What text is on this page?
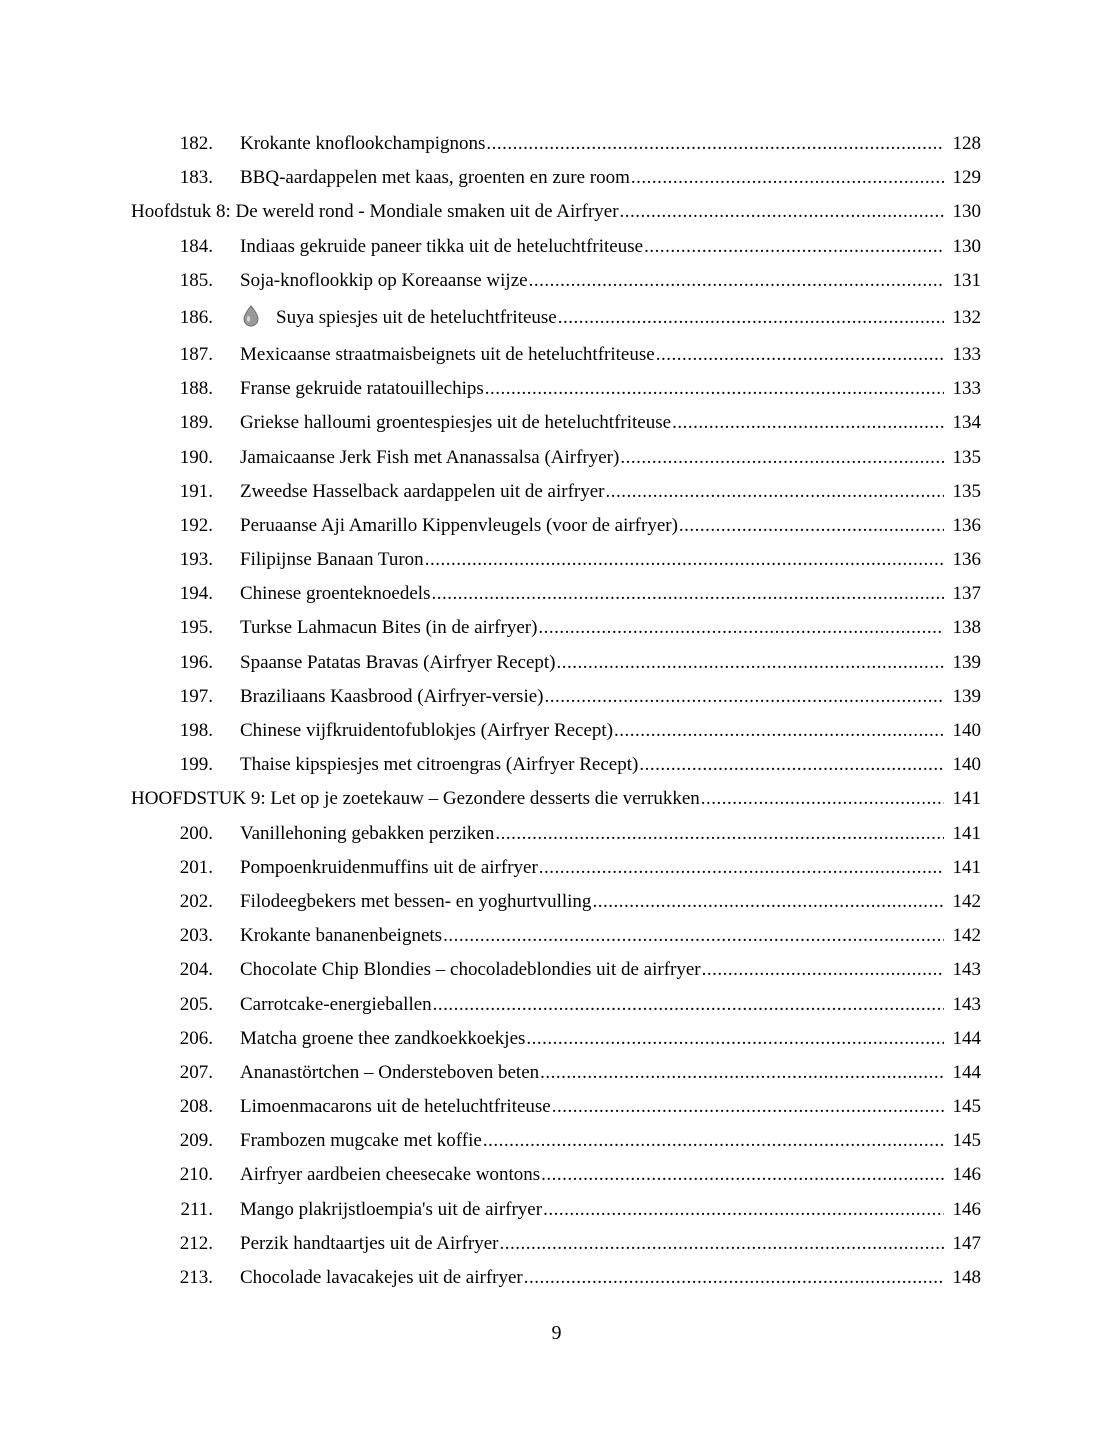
182.	Krokante knoflookchampignons .....	128
183.	BBQ-aardappelen met kaas, groenten en zure room .....	129
Hoofdstuk 8: De wereld rond - Mondiale smaken uit de Airfryer .....	130
184.	Indiaas gekruide paneer tikka uit de heteluchtfriteuse .....	130
185.	Soja-knoflookkip op Koreaanse wijze .....	131
186.	Suya spiesjes uit de heteluchtfriteuse .....	132
187.	Mexicaanse straatmaisbeignets uit de heteluchtfriteuse .....	133
188.	Franse gekruide ratatouillechips .....	133
189.	Griekse halloumi groentespiesjes uit de heteluchtfriteuse .....	134
190.	Jamaicaanse Jerk Fish met Ananassalsa (Airfryer) .....	135
191.	Zweedse Hasselback aardappelen uit de airfryer .....	135
192.	Peruaanse Aji Amarillo Kippenvleugels (voor de airfryer) .....	136
193.	Filipijnse Banaan Turon .....	136
194.	Chinese groenteknoedels .....	137
195.	Turkse Lahmacun Bites (in de airfryer) .....	138
196.	Spaanse Patatas Bravas (Airfryer Recept) .....	139
197.	Braziliaans Kaasbrood (Airfryer-versie) .....	139
198.	Chinese vijfkruidentofublokjes (Airfryer Recept) .....	140
199.	Thaise kipspiesjes met citroengras (Airfryer Recept) .....	140
HOOFDSTUK 9: Let op je zoetekauw – Gezondere desserts die verrukken .....	141
200.	Vanillehoning gebakken perziken .....	141
201.	Pompoenkruidenmuffins uit de airfryer .....	141
202.	Filodeegbekers met bessen- en yoghurtvulling .....	142
203.	Krokante bananenbeignets .....	142
204.	Chocolate Chip Blondies – chocoladeblondies uit de airfryer .....	143
205.	Carrotcake-energieballen .....	143
206.	Matcha groene thee zandkoekkoekjes .....	144
207.	Ananastörtchen – Ondersteboven beten .....	144
208.	Limoenmacarons uit de heteluchtfriteuse .....	145
209.	Frambozen mugcake met koffie .....	145
210.	Airfryer aardbeien cheesecake wontons .....	146
211.	Mango plakrijstloempia's uit de airfryer .....	146
212.	Perzik handtaartjes uit de Airfryer .....	147
213.	Chocolade lavacakejes uit de airfryer .....	148
9
